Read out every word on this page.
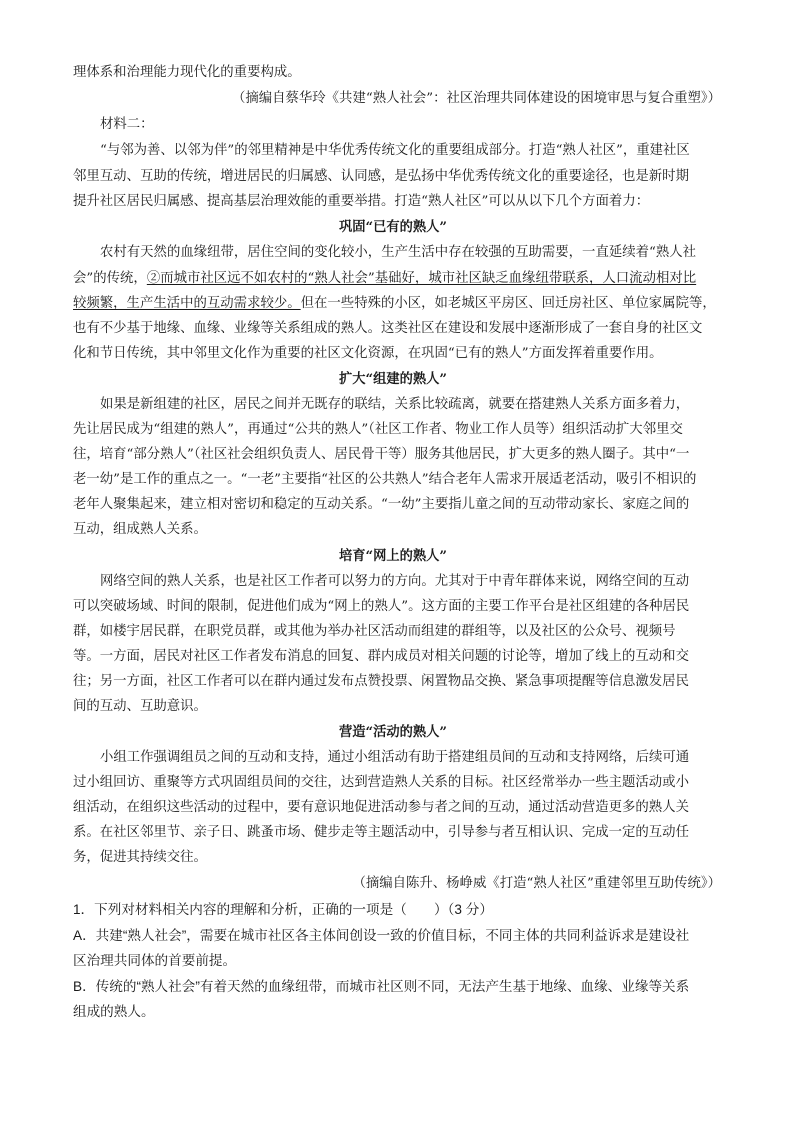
理体系和治理能力现代化的重要构成。
（摘编自蔡华玲《共建“熟人社会”：社区治理共同体建设的困境审思与复合重塑》）
材料二：
“与邻为善、以邻为伴”的邻里精神是中华优秀传统文化的重要组成部分。打造“熟人社区”，重建社区
邻里互动、互助的传统，增进居民的归属感、认同感，是弘扬中华优秀传统文化的重要途径，也是新时期
提升社区居民归属感、提高基层治理效能的重要举措。打造“熟人社区”可以从以下几个方面着力：
巩固“已有的熟人”
农村有天然的血缘纽带，居住空间的变化较小，生产生活中存在较强的互助需要，一直延续着“熟人社
会”的传统，②而城市社区远不如农村的“熟人社会”基础好，城市社区缺乏血缘纽带联系，人口流动相对比
较频繁，生产生活中的互动需求较少。但在一些特殊的小区，如老城区平房区、回迁房社区、单位家属院等，
也有不少基于地缘、血缘、业缘等关系组成的熟人。这类社区在建设和发展中逐渐形成了一套自身的社区文
化和节日传统，其中邻里文化作为重要的社区文化资源，在巩固“已有的熟人”方面发挥着重要作用。
扩大“组建的熟人”
如果是新组建的社区，居民之间并无既存的联结，关系比较疏离，就要在搭建熟人关系方面多着力，
先让居民成为“组建的熟人”，再通过“公共的熟人”（社区工作者、物业工作人员等）组织活动扩大邻里交
往，培育“部分熟人”（社区社会组织负责人、居民骨干等）服务其他居民，扩大更多的熟人圈子。其中“一
老一幼”是工作的重点之一。“一老”主要指“社区的公共熟人”结合老年人需求开展适老活动，吸引不相识的
老年人聚集起来，建立相对密切和稳定的互动关系。“一幼”主要指儿童之间的互动带动家长、家庭之间的
互动，组成熟人关系。
培育“网上的熟人”
网络空间的熟人关系，也是社区工作者可以努力的方向。尤其对于中青年群体来说，网络空间的互动
可以突破场域、时间的限制，促进他们成为“网上的熟人”。这方面的主要工作平台是社区组建的各种居民
群，如楼宇居民群，在职党员群，或其他为举办社区活动而组建的群组等，以及社区的公众号、视频号
等。一方面，居民对社区工作者发布消息的回复、群内成员对相关问题的讨论等，增加了线上的互动和交
往；另一方面，社区工作者可以在群内通过发布点赞投票、闲置物品交换、紧急事项提醒等信息激发居民
间的互动、互助意识。
营造“活动的熟人”
小组工作强调组员之间的互动和支持，通过小组活动有助于搭建组员间的互动和支持网络，后续可通
过小组回访、重聚等方式巩固组员间的交往，达到营造熟人关系的目标。社区经常举办一些主题活动或小
组活动，在组织这些活动的过程中，要有意识地促进活动参与者之间的互动，通过活动营造更多的熟人关
系。在社区邻里节、亲子日、跳蚤市场、健步走等主题活动中，引导参与者互相认识、完成一定的互动任
务，促进其持续交往。
（摘编自陈升、杨峥威《打造“熟人社区”重建邻里互助传统》）
1．下列对材料相关内容的理解和分析，正确的一项是（　　）（3 分）
A．共建“熟人社会”，需要在城市社区各主体间创设一致的价值目标，不同主体的共同利益诉求是建设社
区治理共同体的首要前提。
B．传统的“熟人社会”有着天然的血缘纽带，而城市社区则不同，无法产生基于地缘、血缘、业缘等关系
组成的熟人。
